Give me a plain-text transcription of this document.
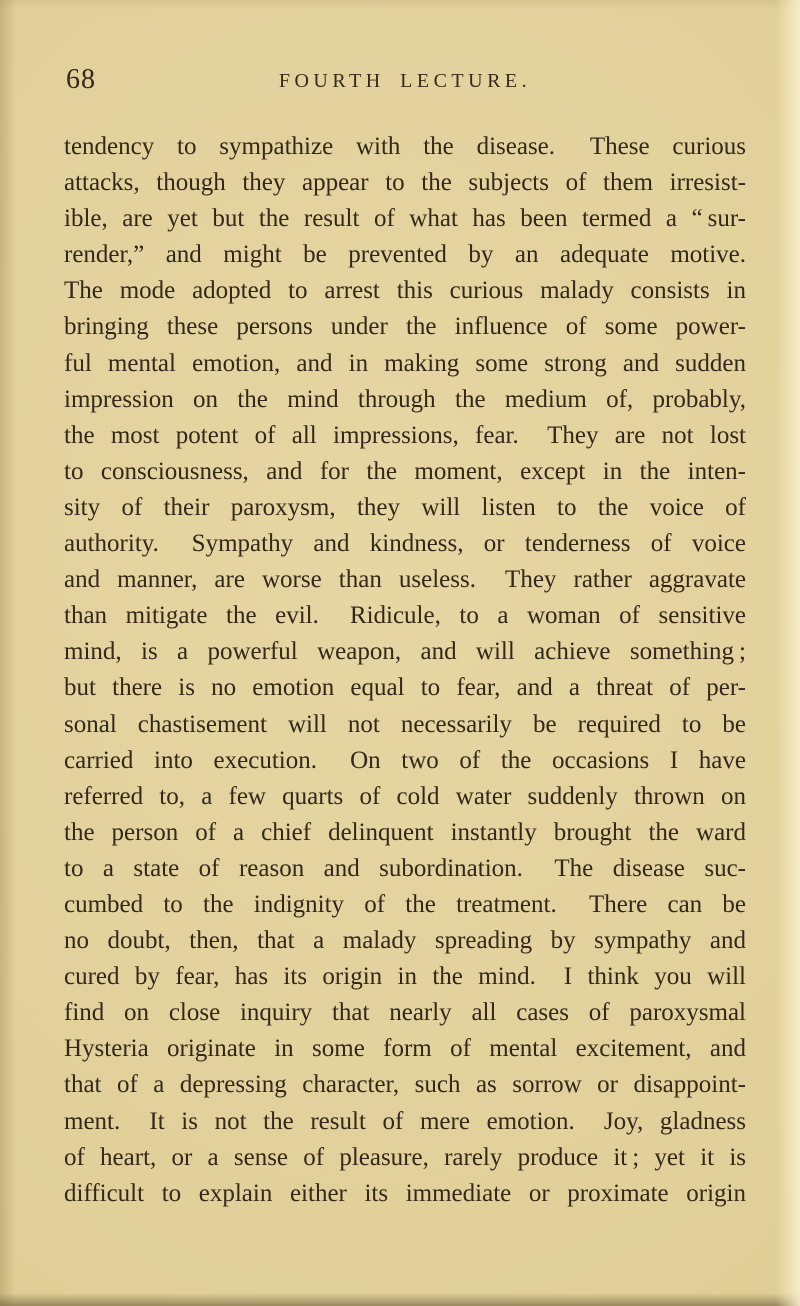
68	FOURTH LECTURE.
tendency to sympathize with the disease.  These curious
attacks, though they appear to the subjects of them irresist-
ible, are yet but the result of what has been termed a “ sur-
render,” and might be prevented by an adequate motive.
The mode adopted to arrest this curious malady consists in
bringing these persons under the influence of some power-
ful mental emotion, and in making some strong and sudden
impression on the mind through the medium of, probably,
the most potent of all impressions, fear.  They are not lost
to consciousness, and for the moment, except in the inten-
sity of their paroxysm, they will listen to the voice of
authority.  Sympathy and kindness, or tenderness of voice
and manner, are worse than useless.  They rather aggravate
than mitigate the evil.  Ridicule, to a woman of sensitive
mind, is a powerful weapon, and will achieve something ;
but there is no emotion equal to fear, and a threat of per-
sonal chastisement will not necessarily be required to be
carried into execution.  On two of the occasions I have
referred to, a few quarts of cold water suddenly thrown on
the person of a chief delinquent instantly brought the ward
to a state of reason and subordination.  The disease suc-
cumbed to the indignity of the treatment.  There can be
no doubt, then, that a malady spreading by sympathy and
cured by fear, has its origin in the mind.  I think you will
find on close inquiry that nearly all cases of paroxysmal
Hysteria originate in some form of mental excitement, and
that of a depressing character, such as sorrow or disappoint-
ment.  It is not the result of mere emotion.  Joy, gladness
of heart, or a sense of pleasure, rarely produce it ; yet it is
difficult to explain either its immediate or proximate origin
